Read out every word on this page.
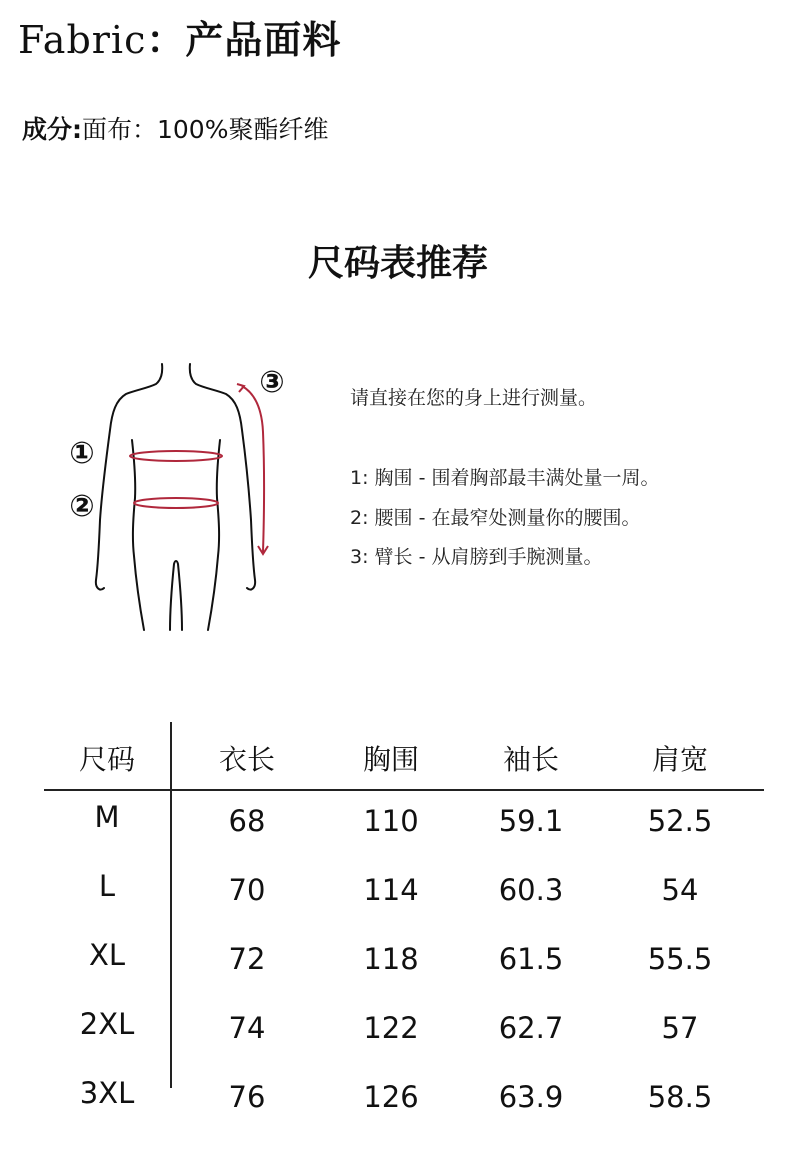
Fabric：产品面料
成分:面布：100%聚酯纤维
尺码表推荐
①
②
③	请直接在您的身上进行测量。
1: 胸围 - 围着胸部最丰满处量一周。
2: 腰围 - 在最窄处测量你的腰围。
3: 臂长 - 从肩膀到手腕测量。
尺码	衣长	胸围	袖长	肩宽
M	68	110	59.1	52.5
L	70	114	60.3	54
XL	72	118	61.5	55.5
2XL	74	122	62.7	57
3XL	76	126	63.9	58.5
